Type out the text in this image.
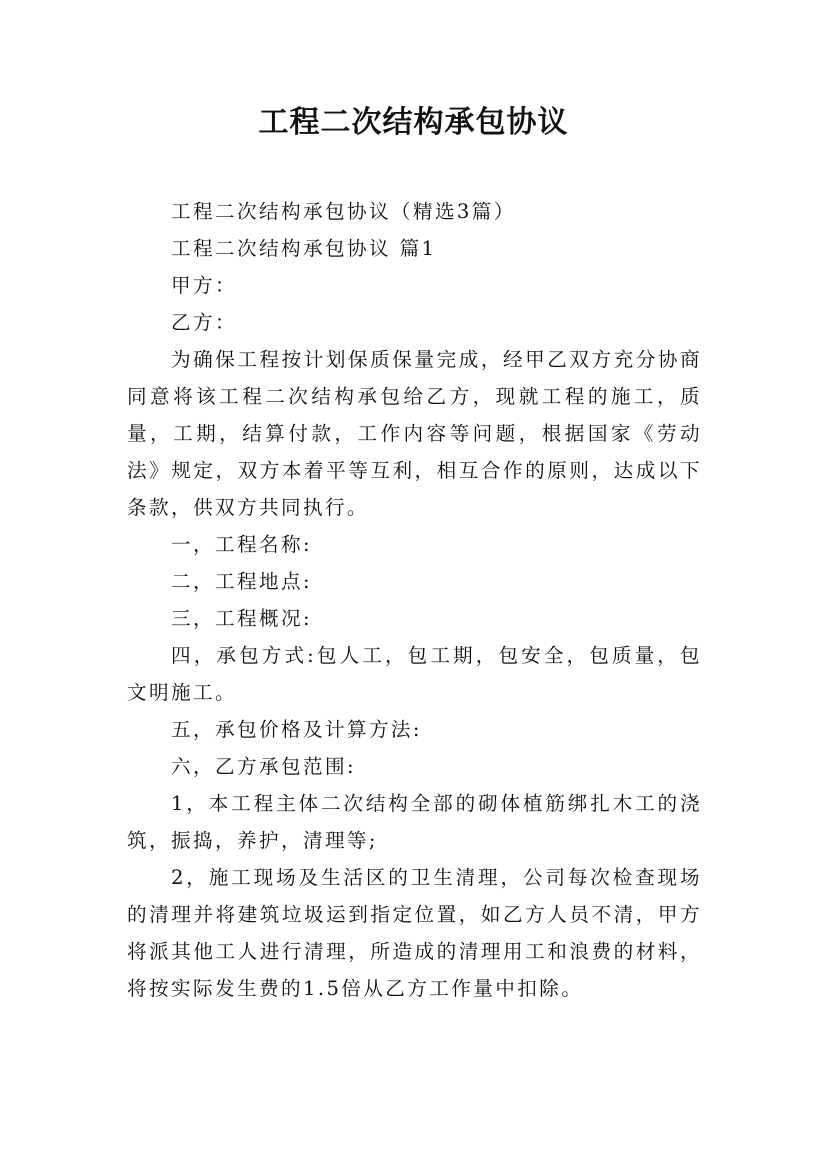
工程二次结构承包协议

工程二次结构承包协议（精选3篇）

工程二次结构承包协议 篇1

甲方：

乙方：

为确保工程按计划保质保量完成，经甲乙双方充分协商同意将该工程二次结构承包给乙方，现就工程的施工，质量，工期，结算付款，工作内容等问题，根据国家《劳动法》规定，双方本着平等互利，相互合作的原则，达成以下条款，供双方共同执行。

一，工程名称:

二，工程地点:

三，工程概况:

四，承包方式:包人工，包工期，包安全，包质量，包文明施工。

五，承包价格及计算方法:

六，乙方承包范围:

1，本工程主体二次结构全部的砌体植筋绑扎木工的浇筑，振捣，养护，清理等;

2，施工现场及生活区的卫生清理，公司每次检查现场的清理并将建筑垃圾运到指定位置，如乙方人员不清，甲方将派其他工人进行清理，所造成的清理用工和浪费的材料，将按实际发生费的1.5倍从乙方工作量中扣除。
